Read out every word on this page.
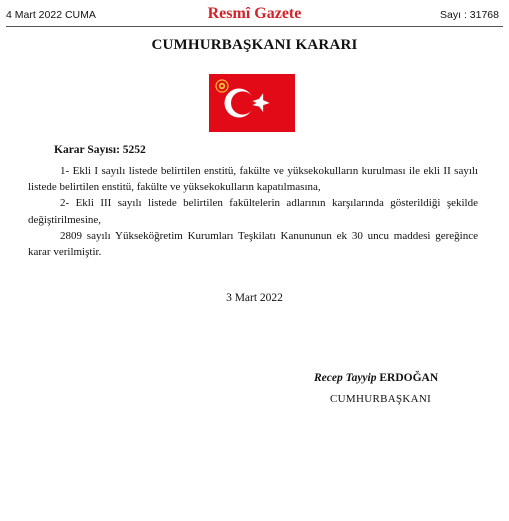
4 Mart 2022 CUMA	Resmî Gazete	Sayı : 31768
CUMHURBAŞKANI KARARI
Karar Sayısı: 5252

1- Ekli I sayılı listede belirtilen enstitü, fakülte ve yüksekokulların kurulması ile ekli II sayılı listede belirtilen enstitü, fakülte ve yüksekokulların kapatılmasına,

2- Ekli III sayılı listede belirtilen fakültelerin adlarının karşılarında gösterildiği şekilde değiştirilmesine,

2809 sayılı Yükseköğretim Kurumları Teşkilatı Kanununun ek 30 uncu maddesi gereğince karar verilmiştir.

3 Mart 2022
Recep Tayyip ERDOĞAN
CUMHURBAŞKANI
